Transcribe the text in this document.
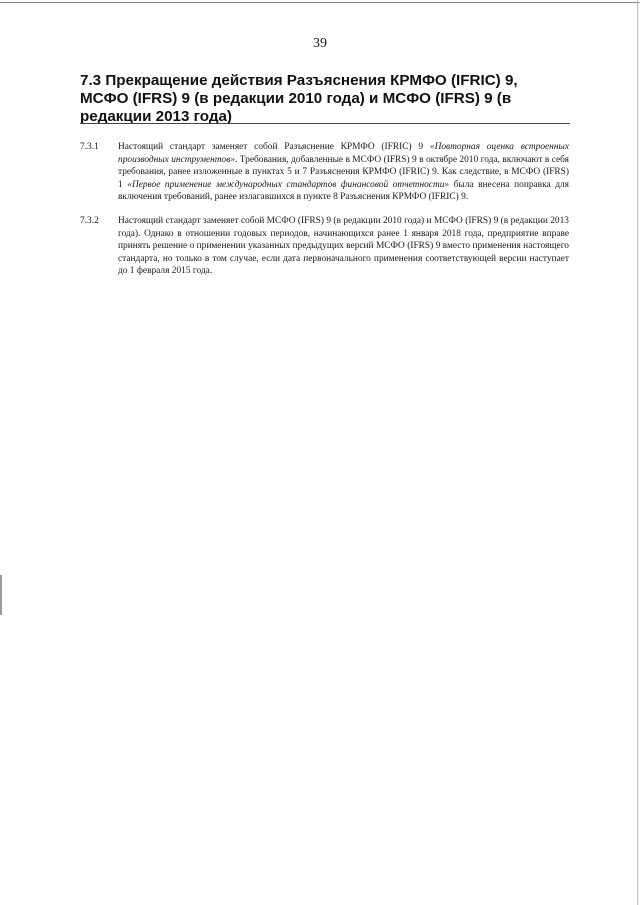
39
7.3 Прекращение действия Разъяснения КРМФО (IFRIC) 9, МСФО (IFRS) 9 (в редакции 2010 года) и МСФО (IFRS) 9 (в редакции 2013 года)
7.3.1	Настоящий стандарт заменяет собой Разъяснение КРМФО (IFRIC) 9 «Повторная оценка встроенных производных инструментов». Требования, добавленные в МСФО (IFRS) 9 в октябре 2010 года, включают в себя требования, ранее изложенные в пунктах 5 и 7 Разъяснения КРМФО (IFRIC) 9. Как следствие, в МСФО (IFRS) 1 «Первое применение международных стандартов финансовой отчетности» была внесена поправка для включения требований, ранее излагавшихся в пункте 8 Разъяснения КРМФО (IFRIC) 9.
7.3.2	Настоящий стандарт заменяет собой МСФО (IFRS) 9 (в редакции 2010 года) и МСФО (IFRS) 9 (в редакции 2013 года). Однако в отношении годовых периодов, начинающихся ранее 1 января 2018 года, предприятие вправе принять решение о применении указанных предыдущих версий МСФО (IFRS) 9 вместо применения настоящего стандарта, но только в том случае, если дата первоначального применения соответствующей версии наступает до 1 февраля 2015 года.
